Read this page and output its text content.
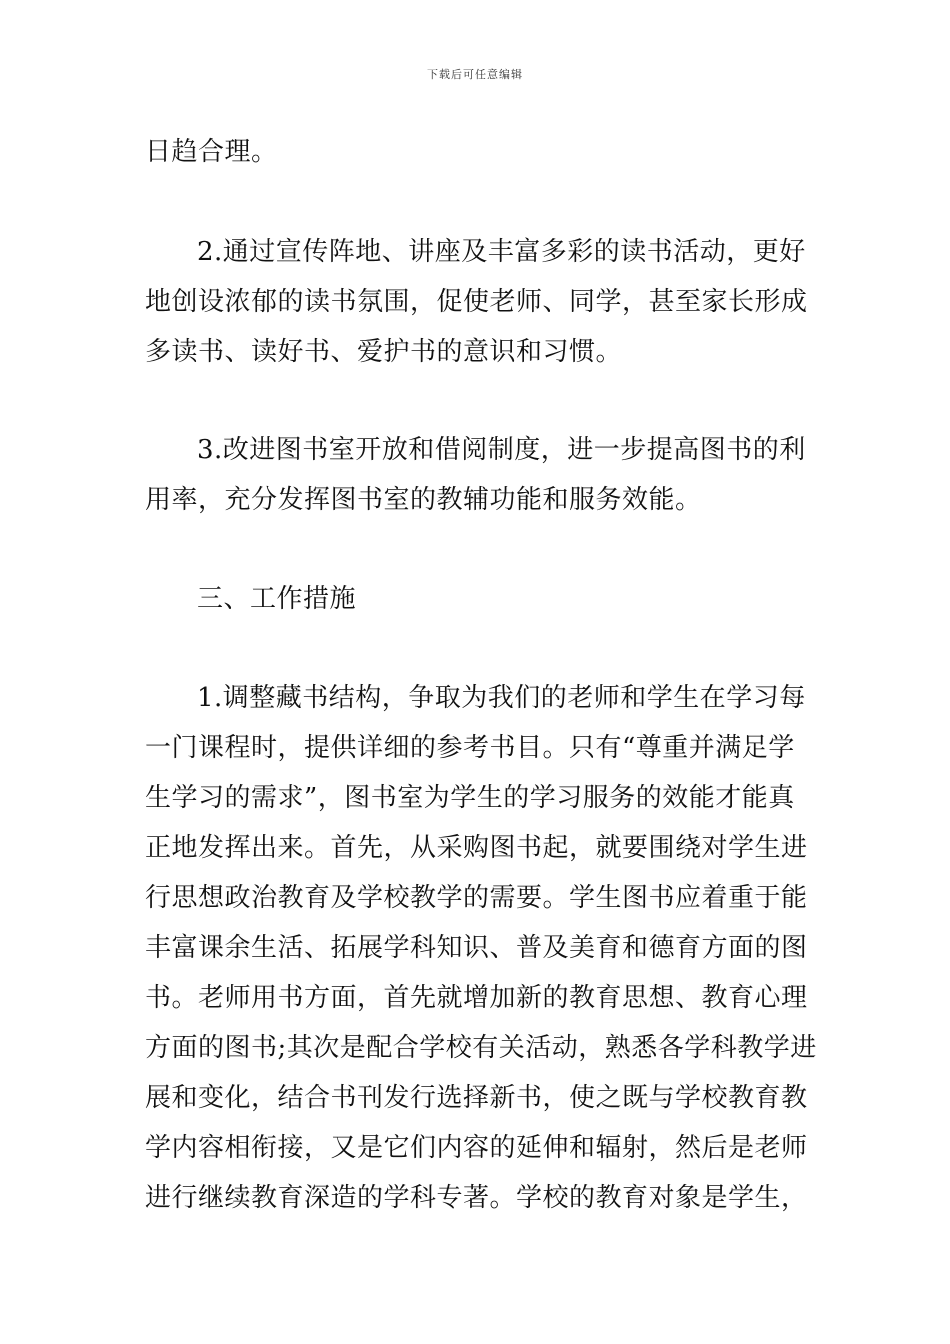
下载后可任意编辑
日趋合理。
2.通过宣传阵地、讲座及丰富多彩的读书活动，更好
地创设浓郁的读书氛围，促使老师、同学，甚至家长形成
多读书、读好书、爱护书的意识和习惯。
3.改进图书室开放和借阅制度，进一步提高图书的利
用率，充分发挥图书室的教辅功能和服务效能。
三、工作措施
1.调整藏书结构，争取为我们的老师和学生在学习每
一门课程时，提供详细的参考书目。只有“尊重并满足学
生学习的需求”，图书室为学生的学习服务的效能才能真
正地发挥出来。首先，从采购图书起，就要围绕对学生进
行思想政治教育及学校教学的需要。学生图书应着重于能
丰富课余生活、拓展学科知识、普及美育和德育方面的图
书。老师用书方面，首先就增加新的教育思想、教育心理
方面的图书;其次是配合学校有关活动，熟悉各学科教学进
展和变化，结合书刊发行选择新书，使之既与学校教育教
学内容相衔接，又是它们内容的延伸和辐射，然后是老师
进行继续教育深造的学科专著。学校的教育对象是学生，
